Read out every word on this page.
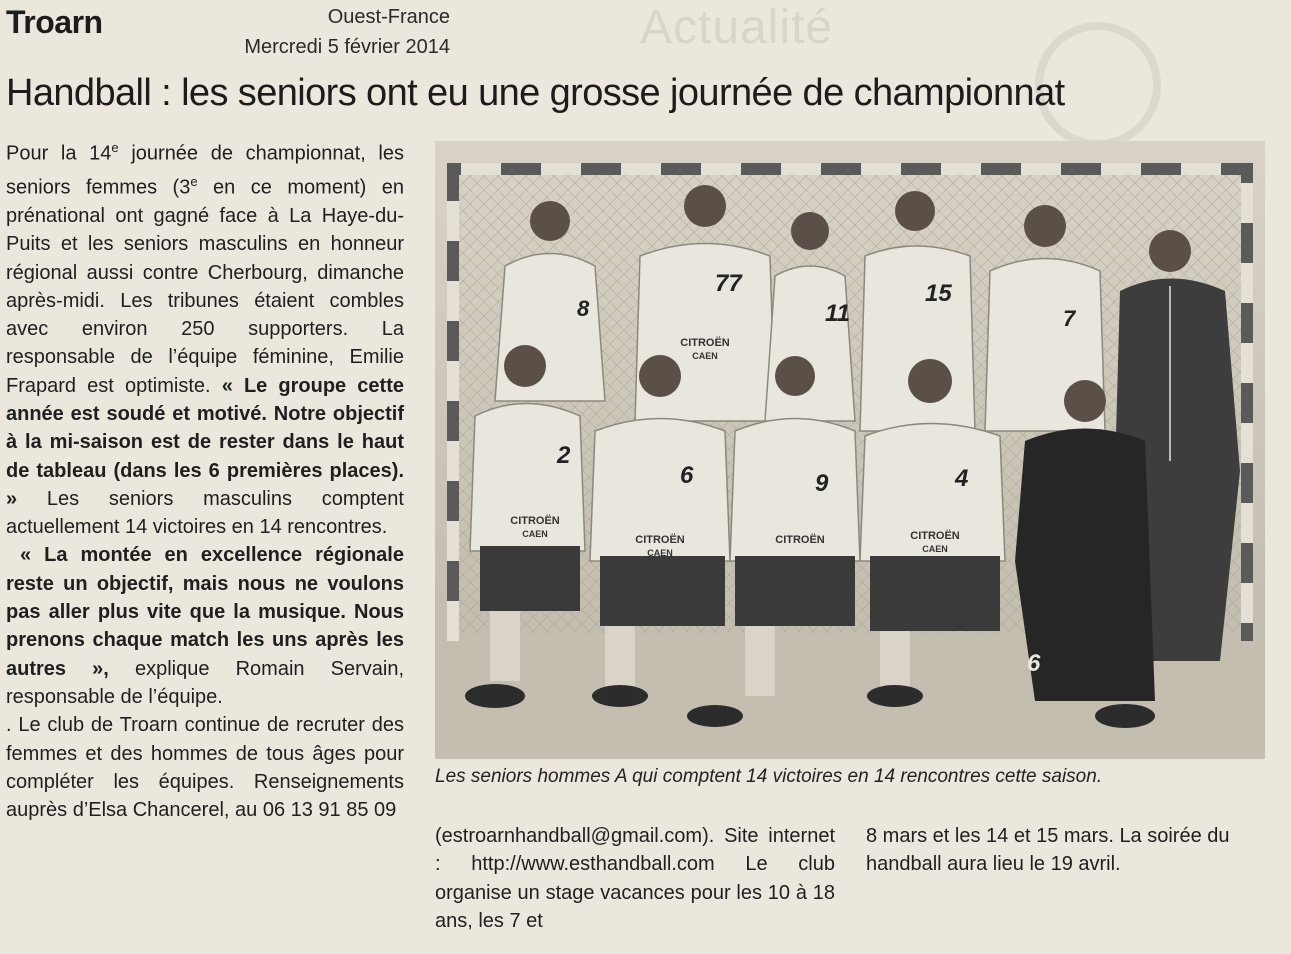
Actualité
Troarn	Ouest-France
Mercredi 5 février 2014
Handball : les seniors ont eu une grosse journée de championnat

Pour la 14e journée de championnat, les seniors femmes (3e en ce moment) en prénational ont gagné face à La Haye-du-Puits et les seniors masculins en honneur régional aussi contre Cherbourg, dimanche après-midi. Les tribunes étaient combles avec environ 250 supporters. La responsable de l’équipe féminine, Emilie Frapard est optimiste. « Le groupe cette année est soudé et motivé. Notre objectif à la mi-saison est de rester dans le haut de tableau (dans les 6 premières places). » Les seniors masculins comptent actuellement 14 victoires en 14 rencontres.

« La montée en excellence régionale reste un objectif, mais nous ne voulons pas aller plus vite que la musique. Nous prenons chaque match les uns après les autres », explique Romain Servain, responsable de l’équipe.

. Le club de Troarn continue de recruter des femmes et des hommes de tous âges pour compléter les équipes. Renseignements auprès d’Elsa Chancerel, au 06 13 91 85 09

CITROËN
CAEN
CITROËN
CAEN	CITROËN
CAEN
CITROËN	CITROËN
CAEN
8
77
11
15
7
2
6	9	4
6
Les seniors hommes A qui comptent 14 victoires en 14 rencontres cette saison.
(estroarnhandball@gmail.com). Site internet : http://www.esthandball.com Le club organise un stage vacances pour les 10 à 18 ans, les 7 et
8 mars et les 14 et 15 mars. La soirée du handball aura lieu le 19 avril.
